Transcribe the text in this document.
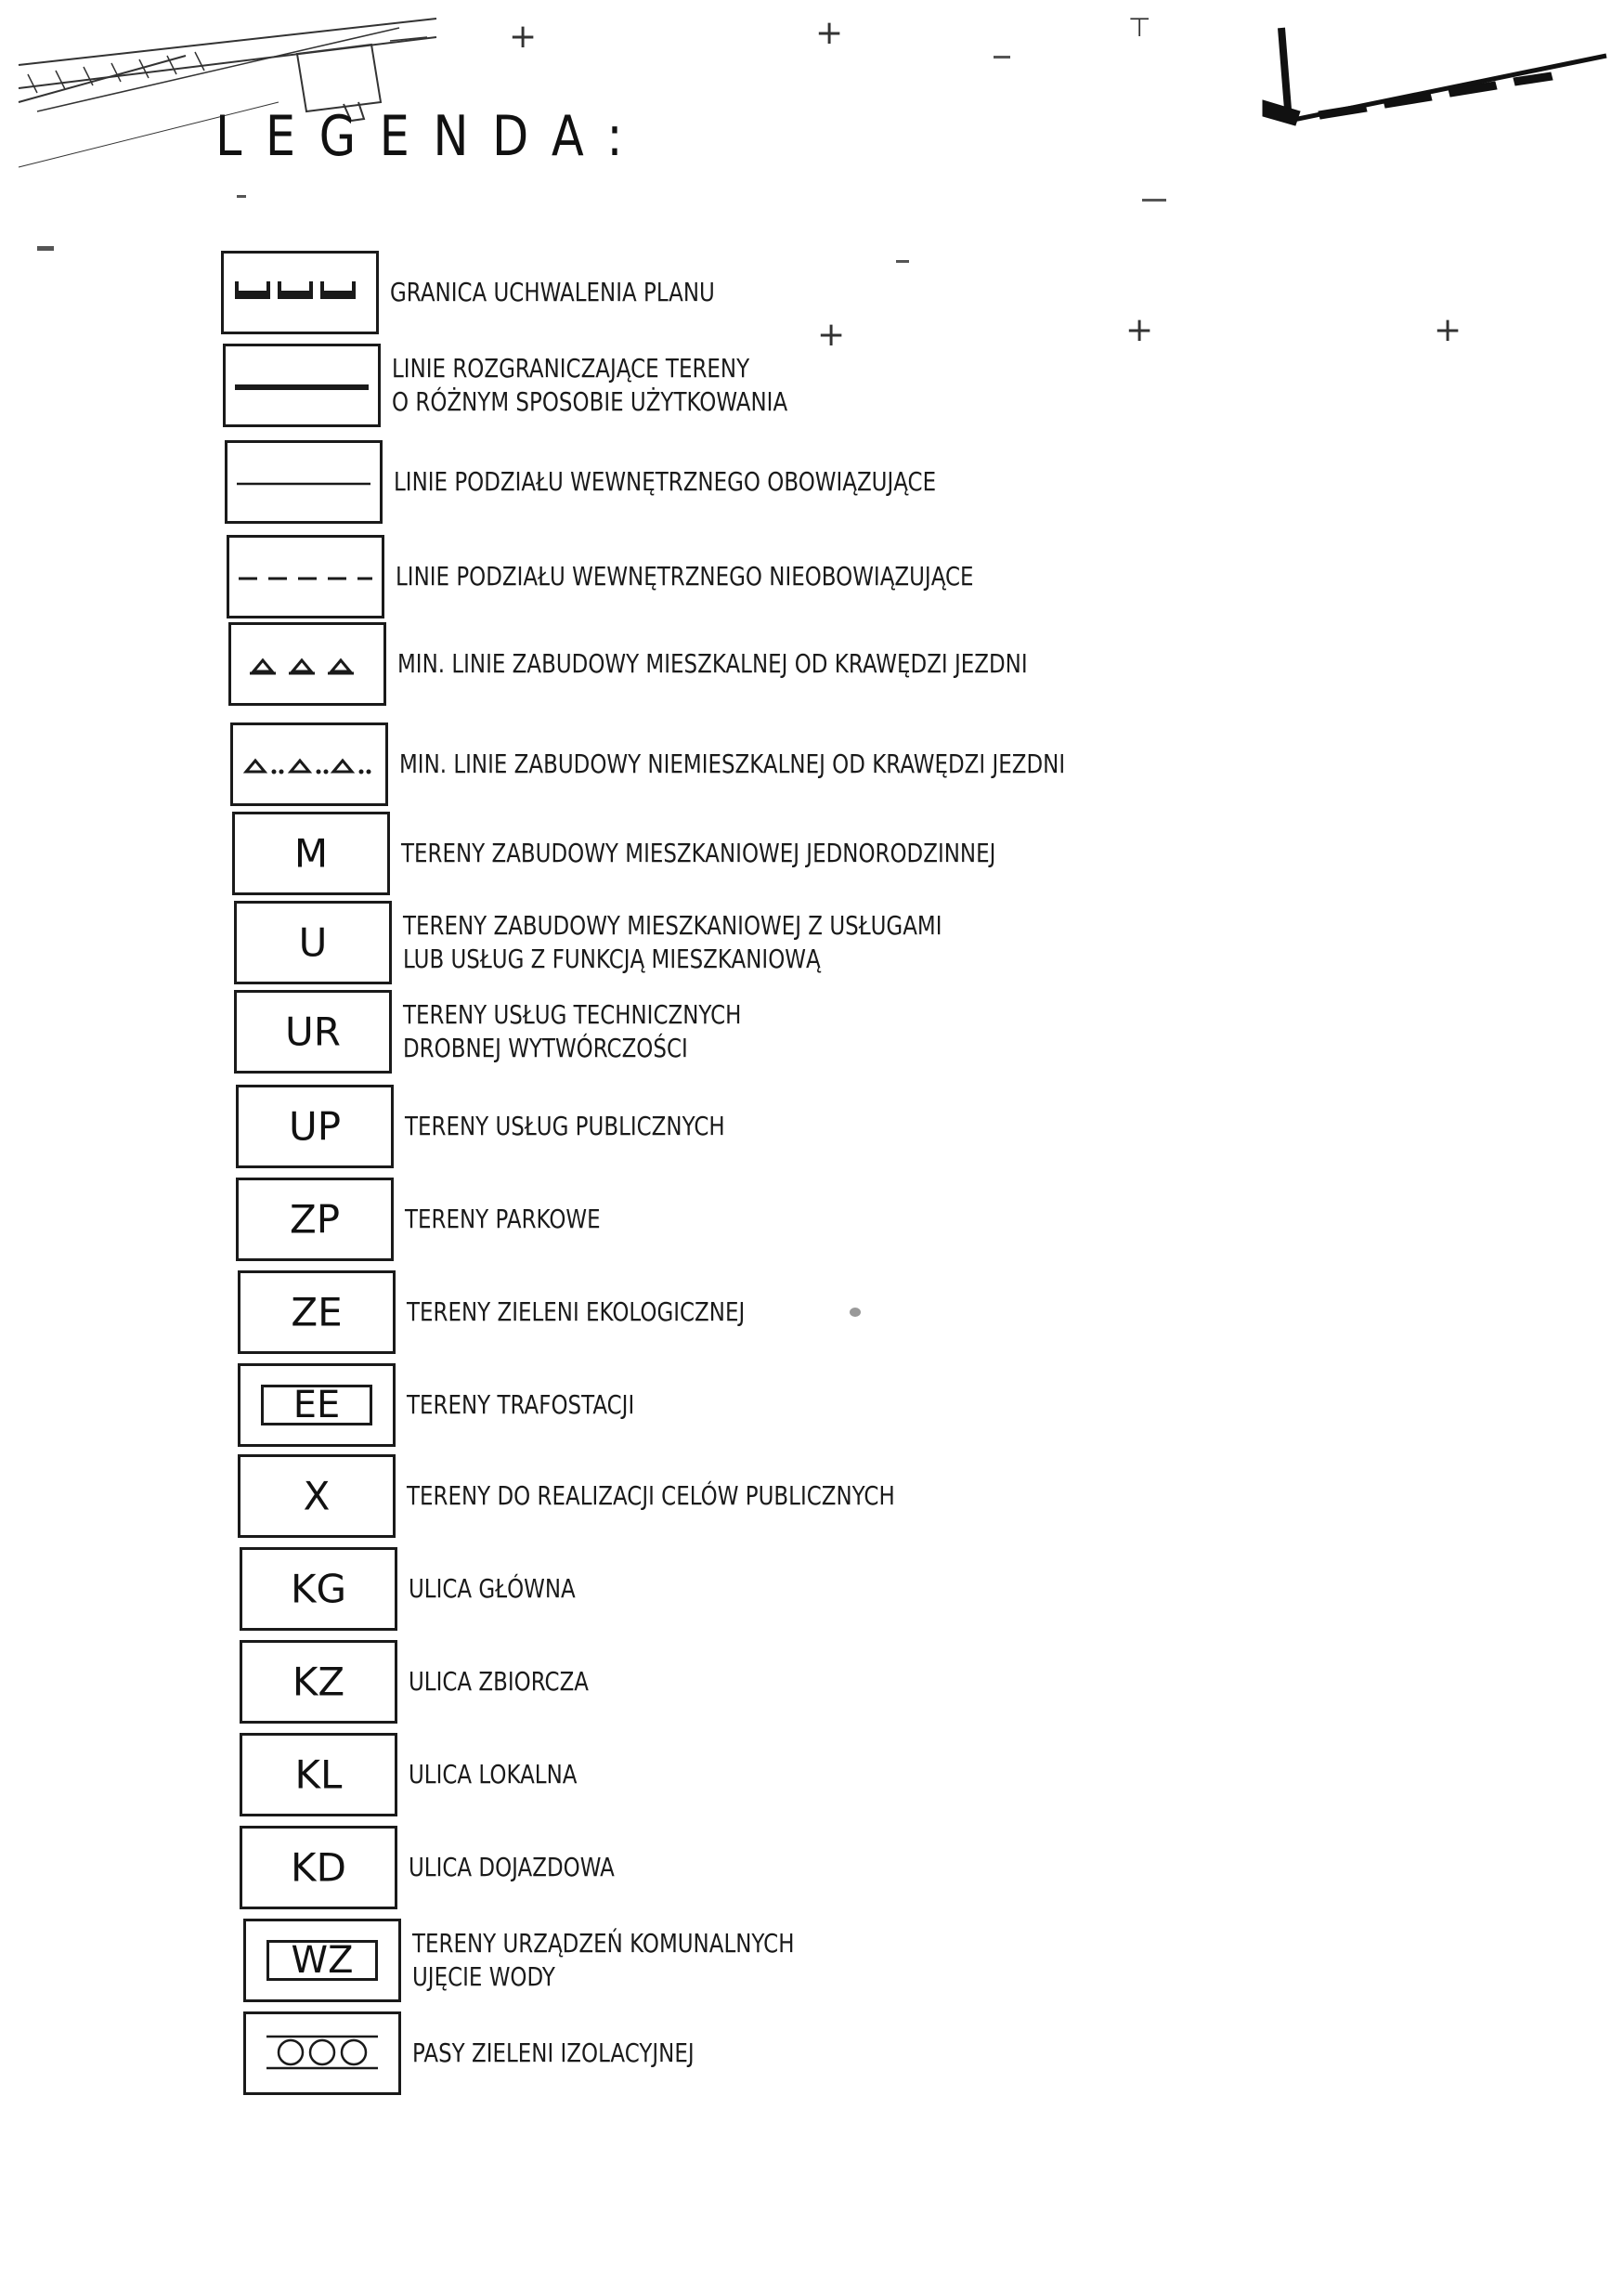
+	+	⊤
+	+	+
LEGENDA:
GRANICA UCHWALENIA PLANU
LINIE ROZGRANICZAJĄCE TERENY
O RÓŻNYM SPOSOBIE UŻYTKOWANIA
LINIE PODZIAŁU WEWNĘTRZNEGO OBOWIĄZUJĄCE
LINIE PODZIAŁU WEWNĘTRZNEGO NIEOBOWIĄZUJĄCE
MIN. LINIE ZABUDOWY MIESZKALNEJ OD KRAWĘDZI JEZDNI
MIN. LINIE ZABUDOWY NIEMIESZKALNEJ OD KRAWĘDZI JEZDNI
M	TERENY ZABUDOWY MIESZKANIOWEJ JEDNORODZINNEJ
U	TERENY ZABUDOWY MIESZKANIOWEJ Z USŁUGAMI
LUB USŁUG Z FUNKCJĄ MIESZKANIOWĄ
UR	TERENY USŁUG TECHNICZNYCH
DROBNEJ WYTWÓRCZOŚCI
UP	TERENY USŁUG PUBLICZNYCH
ZP	TERENY PARKOWE
ZE	TERENY ZIELENI EKOLOGICZNEJ
EE	TERENY TRAFOSTACJI
X	TERENY DO REALIZACJI CELÓW PUBLICZNYCH
KG	ULICA GŁÓWNA
KZ	ULICA ZBIORCZA
KL	ULICA LOKALNA
KD	ULICA DOJAZDOWA
WZ	TERENY URZĄDZEŃ KOMUNALNYCH
UJĘCIE WODY
PASY ZIELENI IZOLACYJNEJ
